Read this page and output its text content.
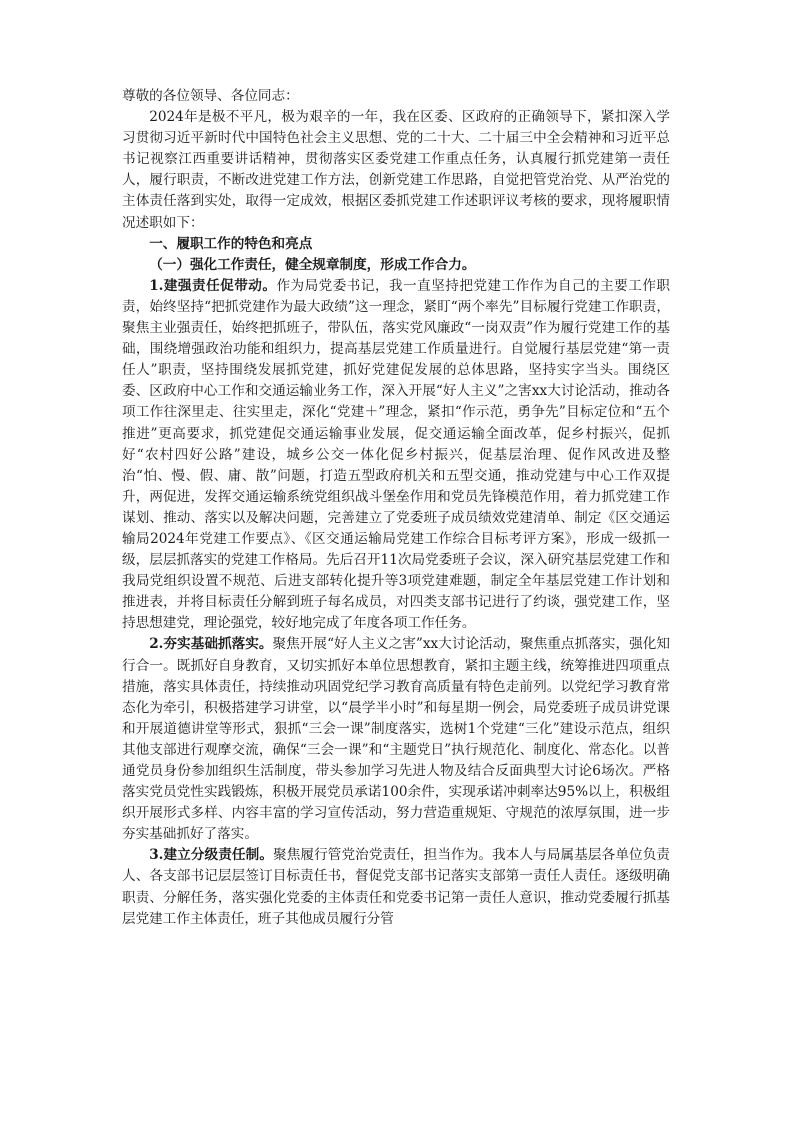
尊敬的各位领导、各位同志：

2024年是极不平凡，极为艰辛的一年，我在区委、区政府的正确领导下，紧扣深入学习贯彻习近平新时代中国特色社会主义思想、党的二十大、二十届三中全会精神和习近平总书记视察江西重要讲话精神，贯彻落实区委党建工作重点任务，认真履行抓党建第一责任人，履行职责，不断改进党建工作方法，创新党建工作思路，自觉把管党治党、从严治党的主体责任落到实处，取得一定成效，根据区委抓党建工作述职评议考核的要求，现将履职情况述职如下：

一、履职工作的特色和亮点

（一）强化工作责任，健全规章制度，形成工作合力。

1.建强责任促带动。作为局党委书记，我一直坚持把党建工作作为自己的主要工作职责，始终坚持“把抓党建作为最大政绩”这一理念，紧盯“两个率先”目标履行党建工作职责，聚焦主业强责任，始终把抓班子，带队伍，落实党风廉政“一岗双责”作为履行党建工作的基础，围绕增强政治功能和组织力，提高基层党建工作质量进行。自觉履行基层党建“第一责任人”职责，坚持围绕发展抓党建，抓好党建促发展的总体思路，坚持实字当头。围绕区委、区政府中心工作和交通运输业务工作，深入开展“好人主义”之害xx大讨论活动，推动各项工作往深里走、往实里走，深化“党建＋”理念，紧扣“作示范，勇争先”目标定位和“五个推进”更高要求，抓党建促交通运输事业发展，促交通运输全面改革，促乡村振兴，促抓好“农村四好公路”建设，城乡公交一体化促乡村振兴，促基层治理、促作风改进及整治“怕、慢、假、庸、散”问题，打造五型政府机关和五型交通，推动党建与中心工作双提升，两促进，发挥交通运输系统党组织战斗堡垒作用和党员先锋模范作用，着力抓党建工作谋划、推动、落实以及解决问题，完善建立了党委班子成员绩效党建清单、制定《区交通运输局2024年党建工作要点》、《区交通运输局党建工作综合目标考评方案》，形成一级抓一级，层层抓落实的党建工作格局。先后召开11次局党委班子会议，深入研究基层党建工作和我局党组织设置不规范、后进支部转化提升等3项党建难题，制定全年基层党建工作计划和推进表，并将目标责任分解到班子每名成员，对四类支部书记进行了约谈，强党建工作，坚持思想建党，理论强党，较好地完成了年度各项工作任务。

2.夯实基础抓落实。聚焦开展“好人主义之害”xx大讨论活动，聚焦重点抓落实，强化知行合一。既抓好自身教育，又切实抓好本单位思想教育，紧扣主题主线，统筹推进四项重点措施，落实具体责任，持续推动巩固党纪学习教育高质量有特色走前列。以党纪学习教育常态化为牵引，积极搭建学习讲堂，以“晨学半小时”和每星期一例会，局党委班子成员讲党课和开展道德讲堂等形式，狠抓“三会一课”制度落实，选树1个党建“三化”建设示范点，组织其他支部进行观摩交流，确保“三会一课”和“主题党日”执行规范化、制度化、常态化。以普通党员身份参加组织生活制度，带头参加学习先进人物及结合反面典型大讨论6场次。严格落实党员党性实践锻炼，积极开展党员承诺100余件，实现承诺冲刺率达95%以上，积极组织开展形式多样、内容丰富的学习宣传活动，努力营造重规矩、守规范的浓厚氛围，进一步夯实基础抓好了落实。

3.建立分级责任制。聚焦履行管党治党责任，担当作为。我本人与局属基层各单位负责人、各支部书记层层签订目标责任书，督促党支部书记落实支部第一责任人责任。逐级明确职责、分解任务，落实强化党委的主体责任和党委书记第一责任人意识，推动党委履行抓基层党建工作主体责任，班子其他成员履行分管
